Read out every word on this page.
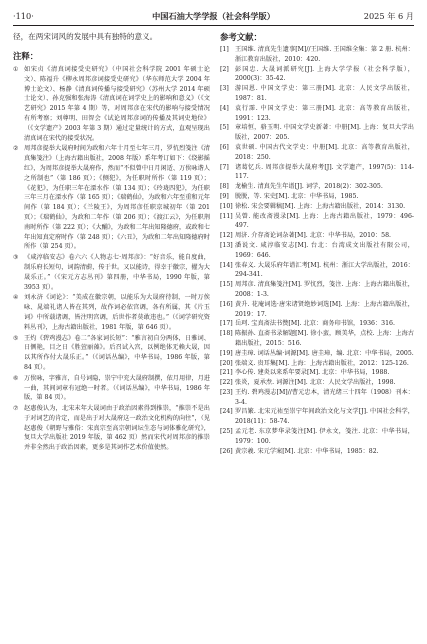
·110·	中国石油大学学报（社会科学版）	2025 年 6 月

径，在两宋词风的发展中具有独特的意义。

注释：
① 如宋贞《清真词接受史研究》（中国社会科学院 2001 年硕士论文）、陈福升《柳永周邦彦词接受史研究》（华东师范大学 2004 年博士论文）、杨静《清真词传播与接受研究》（苏州大学 2014 年硕士论文）、孙克强和张海涛《清真词在词学史上的影响和意义》（《文艺研究》2015 年第 4 期）等，对周邦彦在宋代的影响与接受情况有所考察；刘尊明、田智会《试论周邦彦词的传播及其词史地位》（《文学遗产》2003 年第 3 期）通过定量统计的方式，直观呈现出清真词在宋代的接受状况。
② 周邦彦提举大晟府时间为政和六年十月至七年三月，罗忼烈笺注《清真集笺注》（上海古籍出版社，2008 年版）系年考订如下：《绕影摇红》，为周邦彦提举大晟府作，然而“不似曾中日月闲适、万俟咏谐人之所制也”（第 186 页）；《侧犯》，为任职时所作（第 119 页）；《花犯》，为任职三年在溧水作（第 134 页）；《玲珑四犯》，为任职三年三月在溧水作（第 165 页）；《瑞鹤仙》，为政和六年至重和元年间作（第 184 页）；《兰陵王》，为周邦彦任职京城初年（第 201 页）；《瑞鹤仙》，为政和二年作（第 206 页）；《渡江云》，为任职荆南时所作（第 222 页）；《大酺》，为政和二年出知隆德府，或政和七年出知真定府时作（第 248 页）；《六丑》，为政和二年出知隆德府时所作（第 254 页）。
③ 《咸淳临安志》卷六六《人物志七·周邦彦》：“好音乐，能自度曲，制乐府长短句，词韵清蔚，传于世。又以能诗，得幸于徽宗，擢为大晟乐正。”（《宋元方志丛刊》第四册，中华书局，1990 年版，第 3953 页）。
④ 刘永济《词论》：“美成在徽宗朝，以能乐为大晟府待制，一时万俟咏、晁端礼诸人皆在其列，故作词必依宫调，各有所属，其《片玉词》中所载诸调，皆注明宫调，后世作者莫敢违也。”（《词学研究资料丛刊》，上海古籍出版社，1981 年版，第 646 页）。
⑤ 王灼《碧鸡漫志》卷二“各家词长短”：“雅言初自分两体，日雅词、日侧艳，目之日《胜萱丽藻》。后召试入宫，以例绝体无赖大晟，因以其所作付大晟乐正。”（《词话丛编》，中华书局，1986 年版，第 84 页）。
⑥ 万俟咏，字雅言，自号词隐，崇宁中充大晟府制撰，依月用律，月进一曲，其间词章有冠绝一时者。（《词话丛编》，中华书局，1986 年版，第 84 页）。
⑦ 赵惠俊认为，北宋末年大晟词由于政治因素得到推崇，“推崇不是出于对词艺的肯定，而是出于对大晟府这一政治文化机构的向往”，（见赵惠俊《朝野与雅俗：宋真宗至高宗朝词坛生态与词体雅化研究》，复旦大学出版社 2019 年版，第 462 页）然而宋代对周邦彦的推崇并非全然出于政治因素，更多是其词作艺术价值使然。
参考文献：
[1] 王国维. 清真先生遗事[M]//王国维. 王国维全集：第 2 册. 杭州：浙江教育出版社，2010：420.
[2] 彭国忠. 大晟词派研究[J]. 上海大学学报（社会科学版），2000(3)：35-42.
[3] 游国恩. 中国文学史：第三册[M]. 北京：人民文学出版社，1987：81.
[4] 袁行霈. 中国文学史：第三册[M]. 北京：高等教育出版社，1991：123.
[5] 章培恒，骆玉明. 中国文学史新著：中册[M]. 上海：复旦大学出版社，2007：205.
[6] 袁世硕. 中国古代文学史：中册[M]. 北京：高等教育出版社，2018：250.
[7] 诸葛忆兵. 周邦彦提举大晟府考[J]. 文学遗产，1997(5)：114-117.
[8] 龙榆生. 清真先生年谱[J]. 词学，2018(2)：302-305.
[9] 脱脱，等. 宋史[M]. 北京：中华书局，1985.
[10] 徐松. 宋会要辑稿[M]. 上海：上海古籍出版社，2014：3130.
[11] 吴曾. 能改斋漫录[M]. 上海：上海古籍出版社，1979：496-497.
[12] 周济. 介存斋论词杂著[M]. 北京：中华书局，2010：58.
[13] 潘说文. 咸淳临安志[M]. 台北：台湾成文出版社有限公司，1969：646.
[14] 张春义. 大晟乐府年谱汇考[M]. 杭州：浙江大学出版社，2016：294-341.
[15] 周邦彦. 清真集笺注[M]. 罗忼烈，笺注. 上海：上海古籍出版社，2008：1-3.
[16] 黄升. 花庵词选·唐宋诸贤绝妙词选[M]. 上海：上海古籍出版社，2019：17.
[17] 岳珂. 宝真斋法书赞[M]. 北京：商务印书馆，1936：316.
[18] 陈振孙. 直斋书录解题[M]. 徐小蛮，顾美华，点校. 上海：上海古籍出版社，2015：516.
[19] 唐圭璋. 词话丛编·词源[M]. 唐圭璋，编. 北京：中华书局，2005.
[20] 张端义. 贵耳集[M]. 上海：上海古籍出版社，2012：125-126.
[21] 李心传. 建炎以来系年要录[M]. 北京：中华书局，1988.
[22] 张炎，夏承焘. 词源注[M]. 北京：人民文学出版社，1998.
[23] 王灼. 碧鸡漫志[M]//曹元忠本，清光绪三十四年（1908）刊本：3-4.
[24] 罗昌繁. 北宋元祐至崇宁年间政治文化与文学[J]. 中国社会科学，2018(11)：58-74.
[25] 孟元老. 东京梦华录笺注[M]. 伊永文，笺注. 北京：中华书局，1979：100.
[26] 黄宗羲. 宋元学案[M]. 北京：中华书局，1985：82.
